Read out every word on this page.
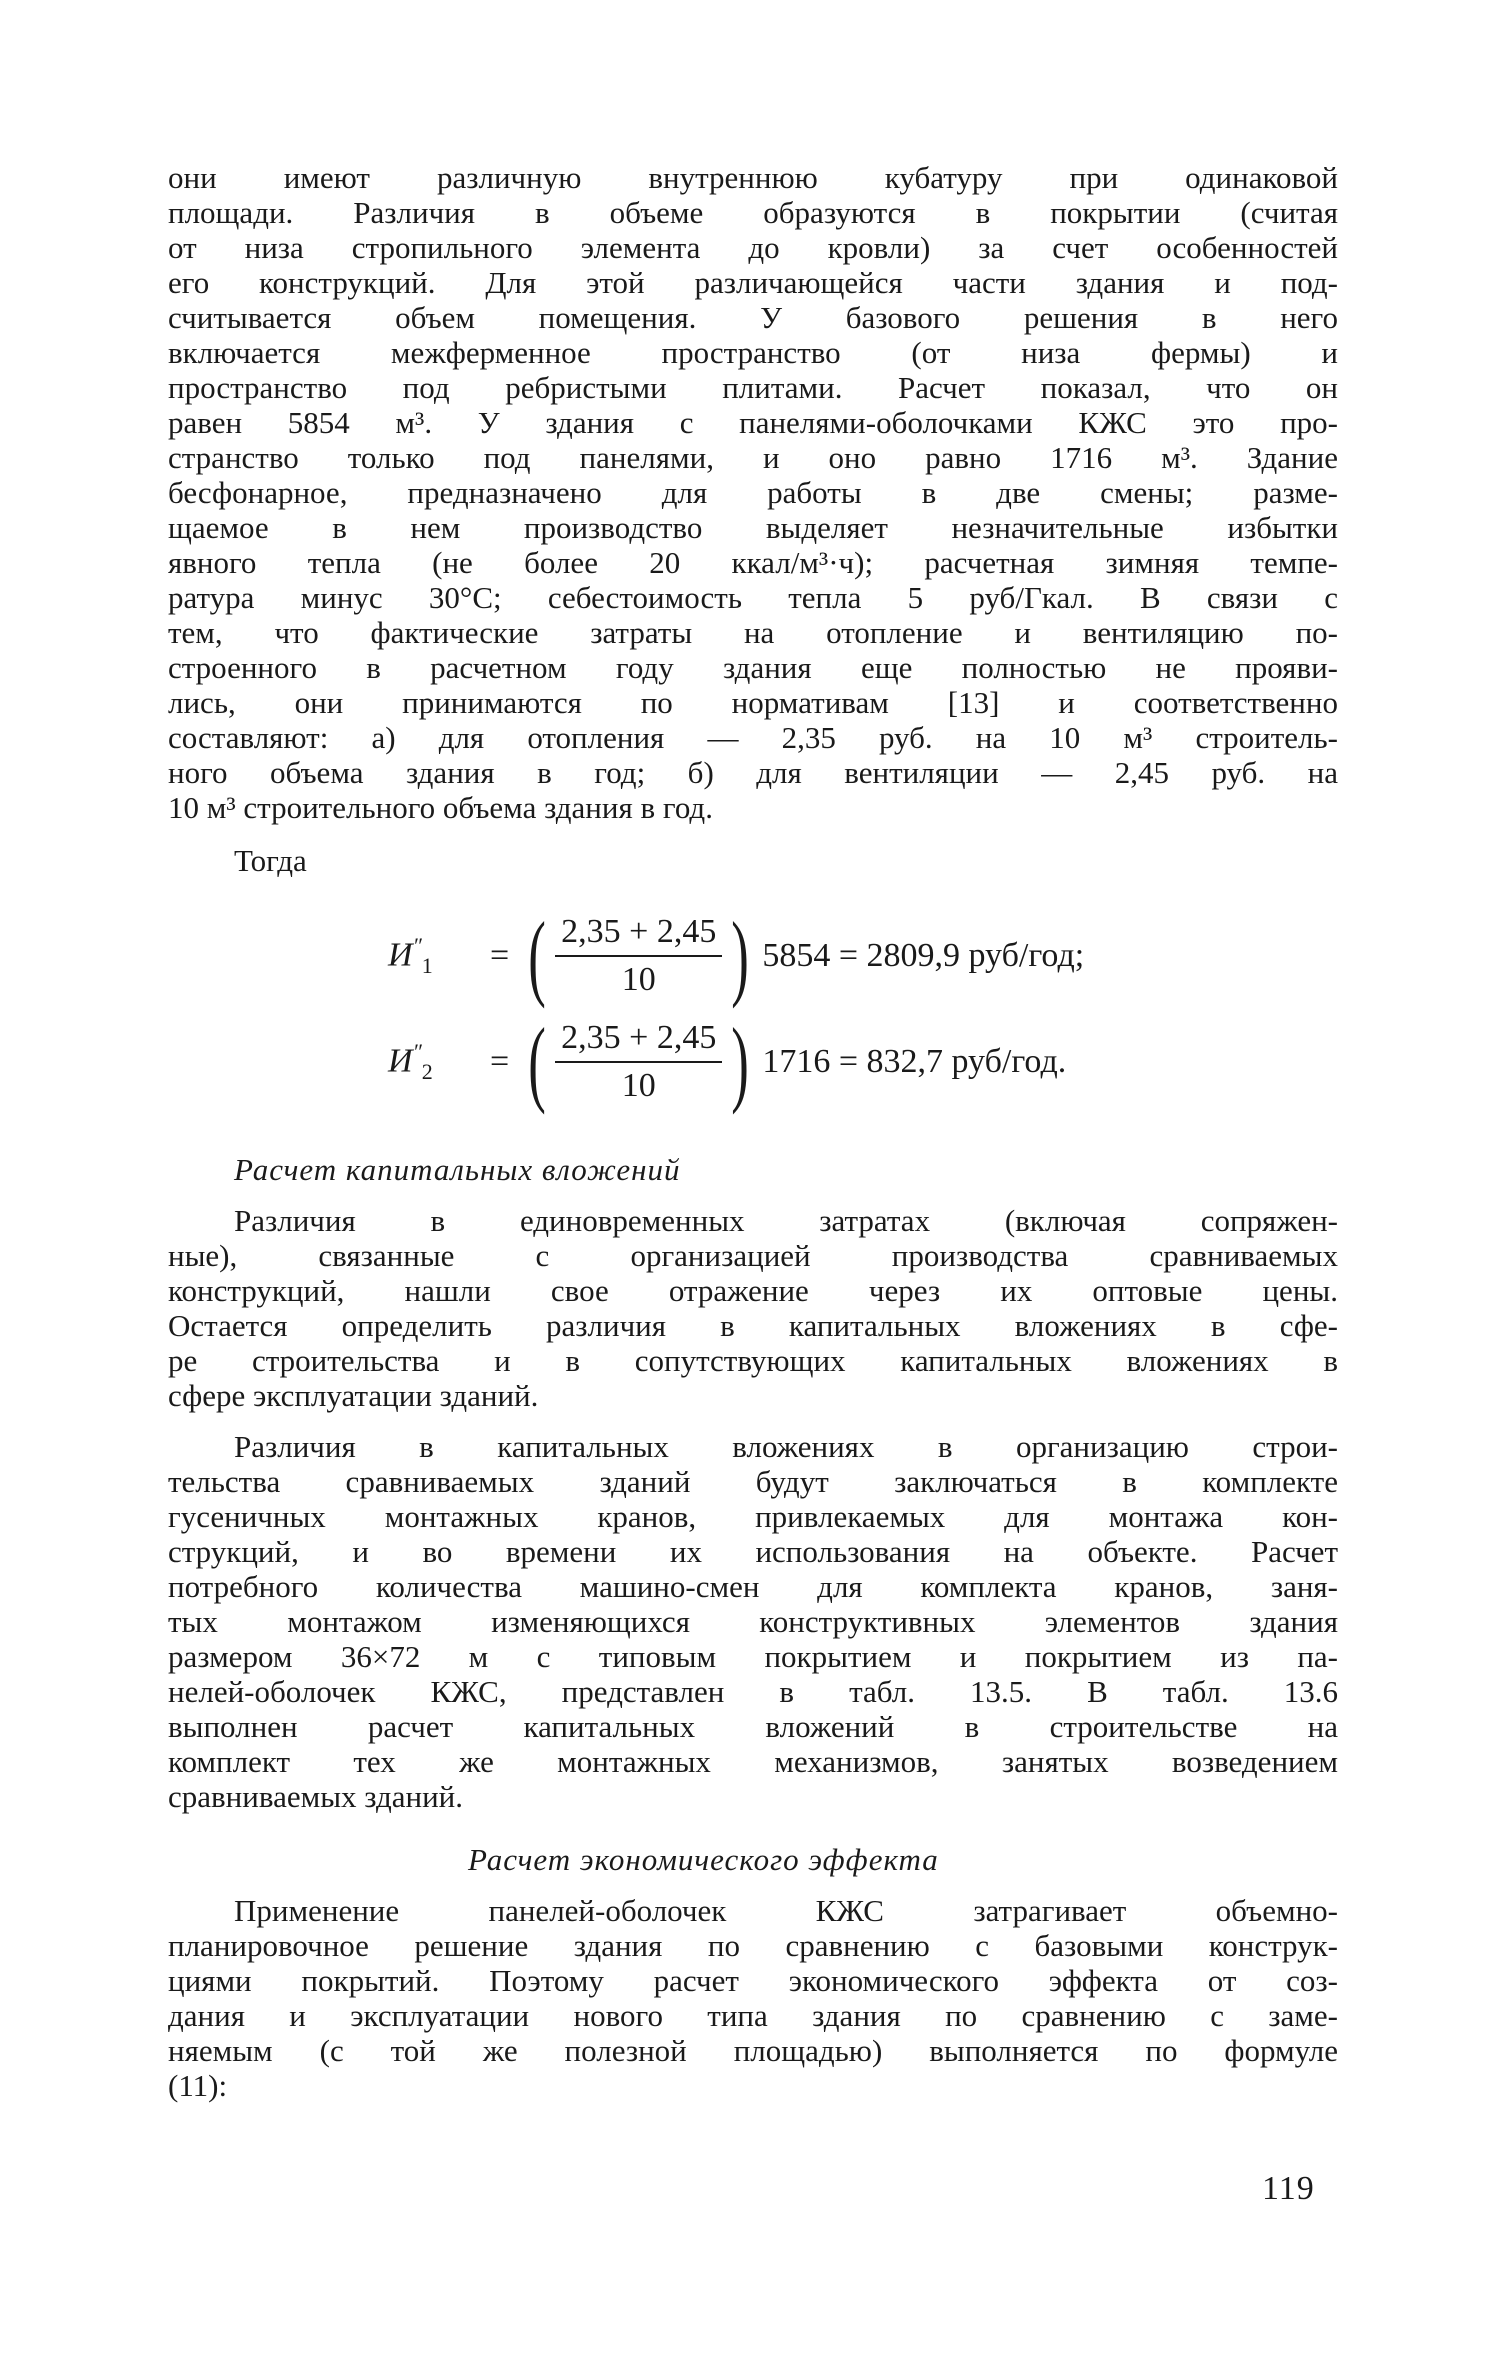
они имеют различную внутреннюю кубатуру при одинаковой

площади. Различия в объеме образуются в покрытии (считая

от низа стропильного элемента до кровли) за счет особенностей

его конструкций. Для этой различающейся части здания и под-

считывается объем помещения. У базового решения в него

включается межферменное пространство (от низа фермы) и

пространство под ребристыми плитами. Расчет показал, что он

равен 5854 м³. У здания с панелями-оболочками КЖС это про-

странство только под панелями, и оно равно 1716 м³. Здание

бесфонарное, предназначено для работы в две смены; разме-

щаемое в нем производство выделяет незначительные избытки

явного тепла (не более 20 ккал/м³·ч); расчетная зимняя темпе-

ратура минус 30°С; себестоимость тепла 5 руб/Гкал. В связи с

тем, что фактические затраты на отопление и вентиляцию по-

строенного в расчетном году здания еще полностью не прояви-

лись, они принимаются по нормативам [13] и соответственно

составляют: а) для отопления — 2,35 руб. на 10 м³ строитель-

ного объема здания в год; б) для вентиляции — 2,45 руб. на

10 м³ строительного объема здания в год.

Тогда

$И''_1$	= ( $\frac{2,35 + 2,45}{10}$ ) 5854 = 2809,9 руб/год;
$И''_2$	= ( $\frac{2,35 + 2,45}{10}$ ) 1716 = 832,7 руб/год.

Расчет капитальных вложений

Различия в единовременных затратах (включая сопряжен-

ные), связанные с организацией производства сравниваемых

конструкций, нашли свое отражение через их оптовые цены.

Остается определить различия в капитальных вложениях в сфе-

ре строительства и в сопутствующих капитальных вложениях в

сфере эксплуатации зданий.

Различия в капитальных вложениях в организацию строи-

тельства сравниваемых зданий будут заключаться в комплекте

гусеничных монтажных кранов, привлекаемых для монтажа кон-

струкций, и во времени их использования на объекте. Расчет

потребного количества машино-смен для комплекта кранов, заня-

тых монтажом изменяющихся конструктивных элементов здания

размером 36×72 м с типовым покрытием и покрытием из па-

нелей-оболочек КЖС, представлен в табл. 13.5. В табл. 13.6

выполнен расчет капитальных вложений в строительстве на

комплект тех же монтажных механизмов, занятых возведением

сравниваемых зданий.

Расчет экономического эффекта

Применение панелей-оболочек КЖС затрагивает объемно-

планировочное решение здания по сравнению с базовыми конструк-

циями покрытий. Поэтому расчет экономического эффекта от соз-

дания и эксплуатации нового типа здания по сравнению с заме-

няемым (с той же полезной площадью) выполняется по формуле

(11):

119
